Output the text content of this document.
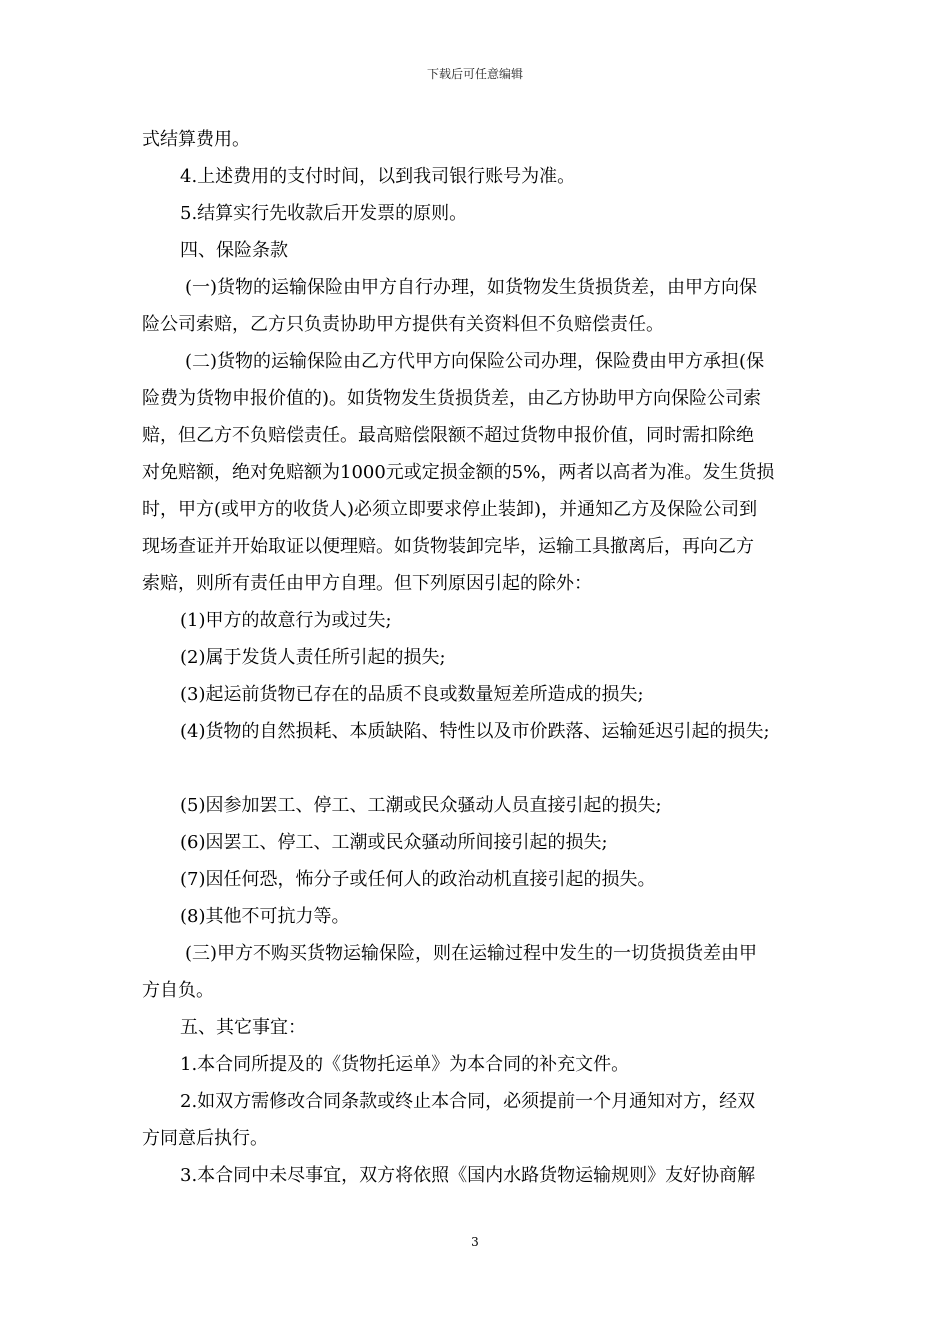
下载后可任意编辑
式结算费用。
4.上述费用的支付时间，以到我司银行账号为准。
5.结算实行先收款后开发票的原则。
四、保险条款
(一)货物的运输保险由甲方自行办理，如货物发生货损货差，由甲方向保
险公司索赔，乙方只负责协助甲方提供有关资料但不负赔偿责任。
(二)货物的运输保险由乙方代甲方向保险公司办理，保险费由甲方承担(保
险费为货物申报价值的)。如货物发生货损货差，由乙方协助甲方向保险公司索
赔，但乙方不负赔偿责任。最高赔偿限额不超过货物申报价值，同时需扣除绝
对免赔额，绝对免赔额为1000元或定损金额的5%，两者以高者为准。发生货损
时，甲方(或甲方的收货人)必须立即要求停止装卸)，并通知乙方及保险公司到
现场查证并开始取证以便理赔。如货物装卸完毕，运输工具撤离后，再向乙方
索赔，则所有责任由甲方自理。但下列原因引起的除外：
(1)甲方的故意行为或过失;
(2)属于发货人责任所引起的损失;
(3)起运前货物已存在的品质不良或数量短差所造成的损失;
(4)货物的自然损耗、本质缺陷、特性以及市价跌落、运输延迟引起的损失;
(5)因参加罢工、停工、工潮或民众骚动人员直接引起的损失;
(6)因罢工、停工、工潮或民众骚动所间接引起的损失;
(7)因任何恐，怖分子或任何人的政治动机直接引起的损失。
(8)其他不可抗力等。
(三)甲方不购买货物运输保险，则在运输过程中发生的一切货损货差由甲
方自负。
五、其它事宜：
1.本合同所提及的《货物托运单》为本合同的补充文件。
2.如双方需修改合同条款或终止本合同，必须提前一个月通知对方，经双
方同意后执行。
3.本合同中未尽事宜，双方将依照《国内水路货物运输规则》友好协商解
3
